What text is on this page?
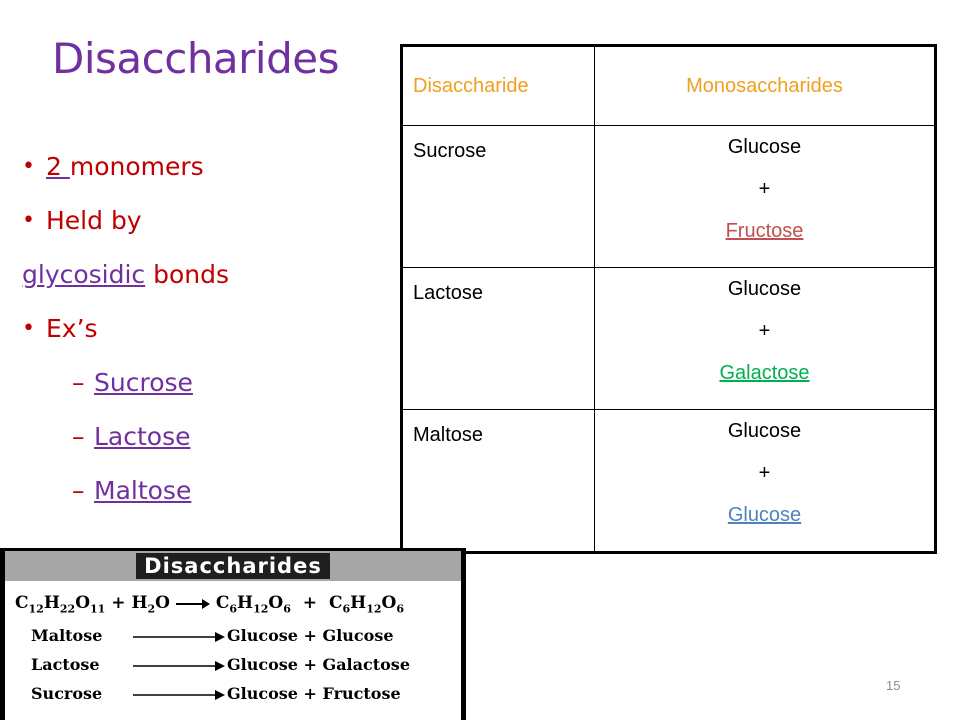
Disaccharides
• 2 monomers
• Held by
glycosidic bonds
• Ex’s
– Sucrose
– Lactose
– Maltose
Disaccharide	Monosaccharides
Sucrose	Glucose
+
Fructose

Lactose	Glucose
+
Galactose

Maltose	Glucose
+
Glucose
Disaccharides
$C_{12}H_{22}O_{11} + H_2O \to C_6H_{12}O_6 + C_6H_{12}O_6$
Maltose	Glucose + Glucose
Lactose	Glucose + Galactose
Sucrose	Glucose + Fructose	15
